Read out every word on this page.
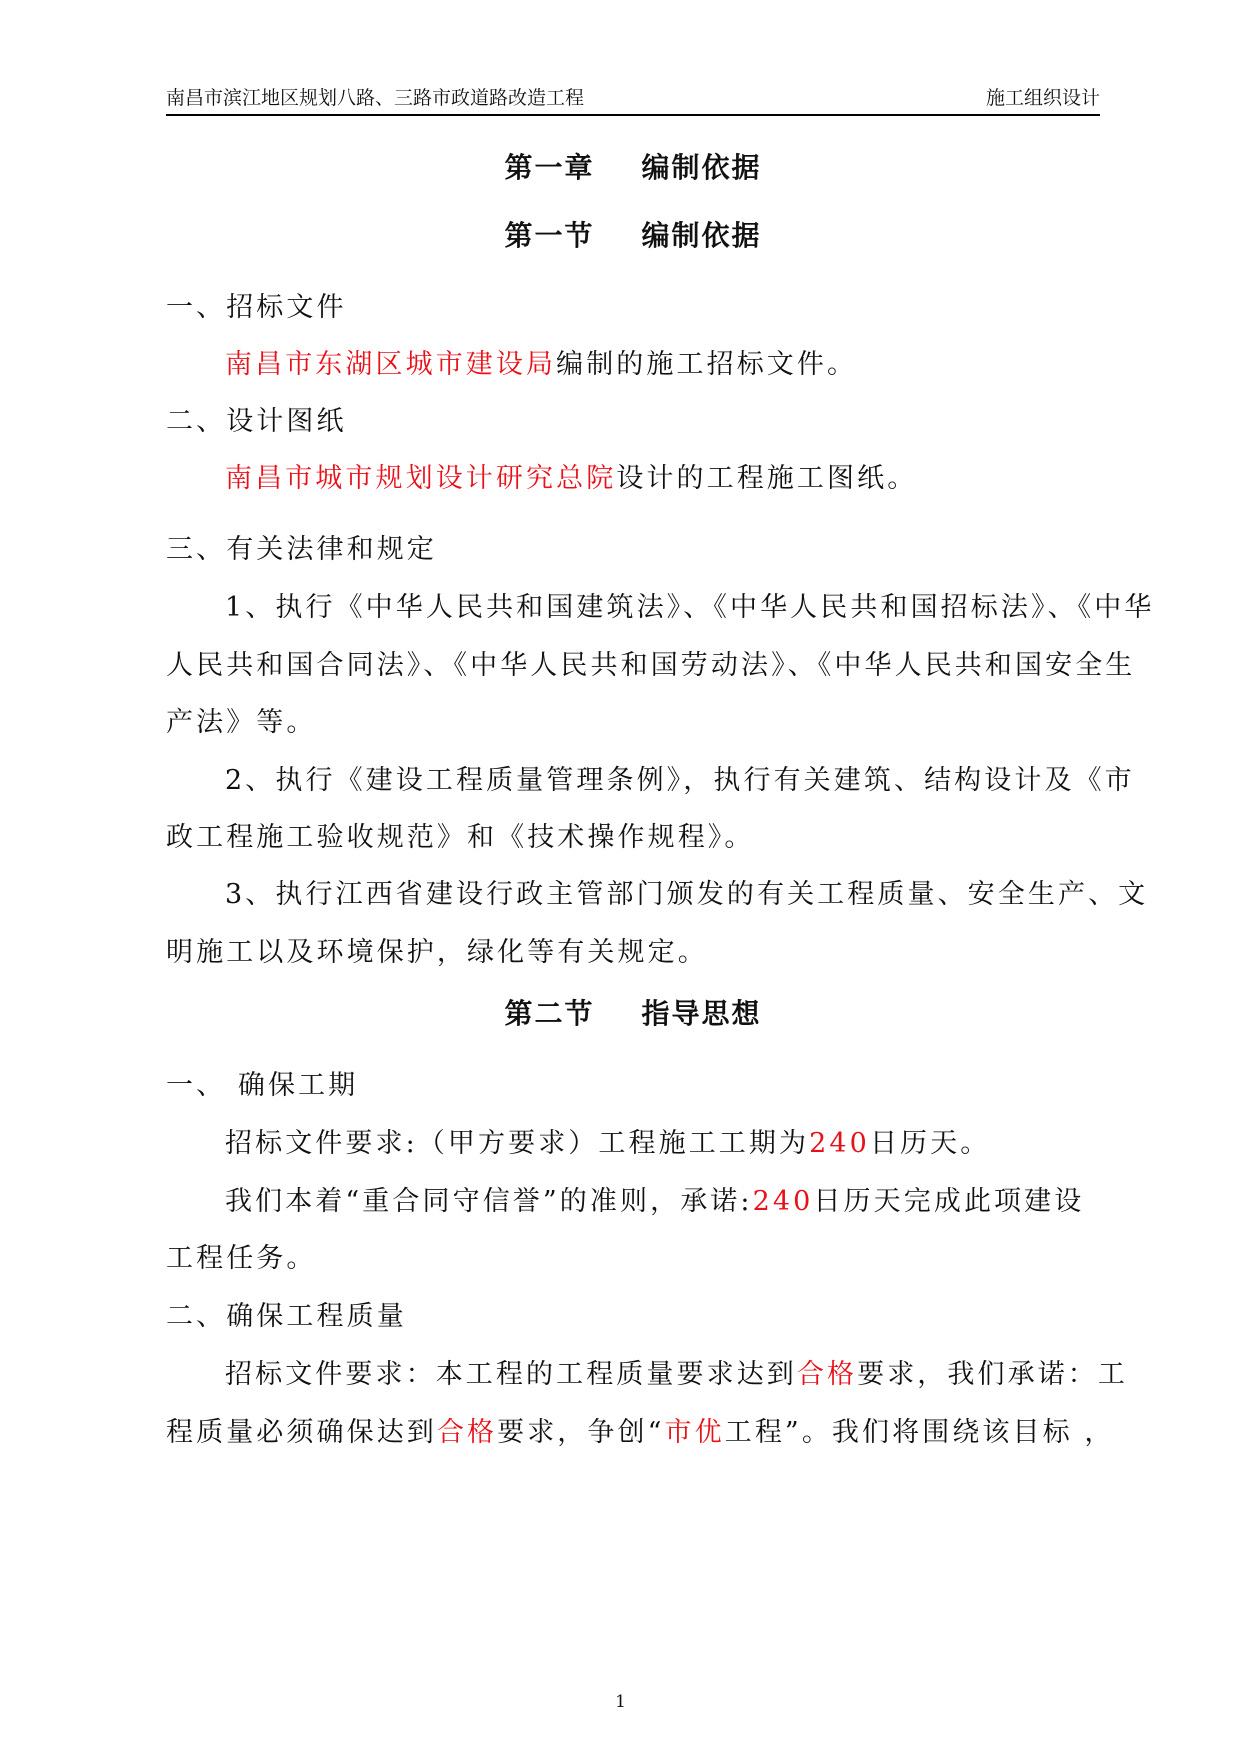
南昌市滨江地区规划八路、三路市政道路改造工程	施工组织设计
第一章    编制依据
第一节    编制依据
一、招标文件
南昌市东湖区城市建设局编制的施工招标文件。
二、设计图纸
南昌市城市规划设计研究总院设计的工程施工图纸。
三、有关法律和规定
1、执行《中华人民共和国建筑法》、《中华人民共和国招标法》、《中华
人民共和国合同法》、《中华人民共和国劳动法》、《中华人民共和国安全生
产法》等。
2、执行《建设工程质量管理条例》，执行有关建筑、结构设计及《市
政工程施工验收规范》和《技术操作规程》。
3、执行江西省建设行政主管部门颁发的有关工程质量、安全生产、文
明施工以及环境保护，绿化等有关规定。
第二节    指导思想
一、 确保工期
招标文件要求:（甲方要求）工程施工工期为240日历天。
我们本着“重合同守信誉”的准则，承诺:240日历天完成此项建设
工程任务。
二、确保工程质量
招标文件要求：本工程的工程质量要求达到合格要求，我们承诺：工
程质量必须确保达到合格要求，争创“市优工程”。我们将围绕该目标 ，
1
